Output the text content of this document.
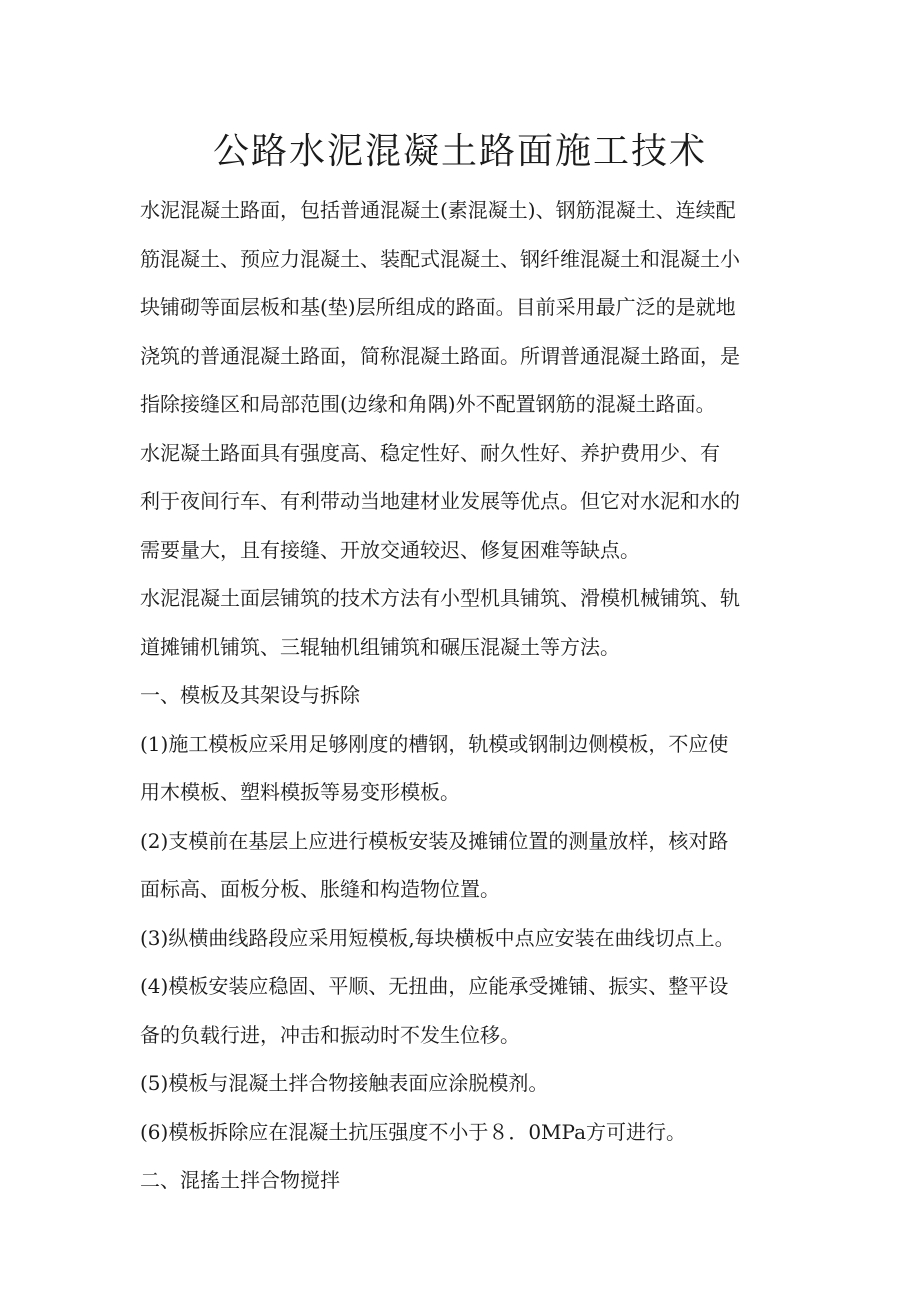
公路水泥混凝土路面施工技术
水泥混凝土路面，包括普通混凝土(素混凝土)、钢筋混凝土、连续配
筋混凝土、预应力混凝土、装配式混凝土、钢纤维混凝土和混凝土小
块铺砌等面层板和基(垫)层所组成的路面。目前采用最广泛的是就地
浇筑的普通混凝土路面，简称混凝土路面。所谓普通混凝土路面，是
指除接缝区和局部范围(边缘和角隅)外不配置钢筋的混凝土路面。
水泥凝土路面具有强度高、稳定性好、耐久性好、养护费用少、有
利于夜间行车、有利带动当地建材业发展等优点。但它对水泥和水的
需要量大，且有接缝、开放交通较迟、修复困难等缺点。
水泥混凝土面层铺筑的技术方法有小型机具铺筑、滑模机械铺筑、轨
道摊铺机铺筑、三辊轴机组铺筑和碾压混凝土等方法。
一、模板及其架设与拆除
(1)施工模板应采用足够刚度的槽钢，轨模或钢制边侧模板，不应使
用木模板、塑料模扳等易变形模板。
(2)支模前在基层上应进行模板安装及摊铺位置的测量放样，核对路
面标高、面板分板、胀缝和构造物位置。
(3)纵横曲线路段应采用短模板,每块横板中点应安装在曲线切点上。
(4)模板安装应稳固、平顺、无扭曲，应能承受摊铺、振实、整平设
备的负载行进，冲击和振动时不发生位移。
(5)模板与混凝土拌合物接触表面应涂脱模剂。
(6)模板拆除应在混凝土抗压强度不小于８．0MPa方可进行。
二、混搖土拌合物搅拌
